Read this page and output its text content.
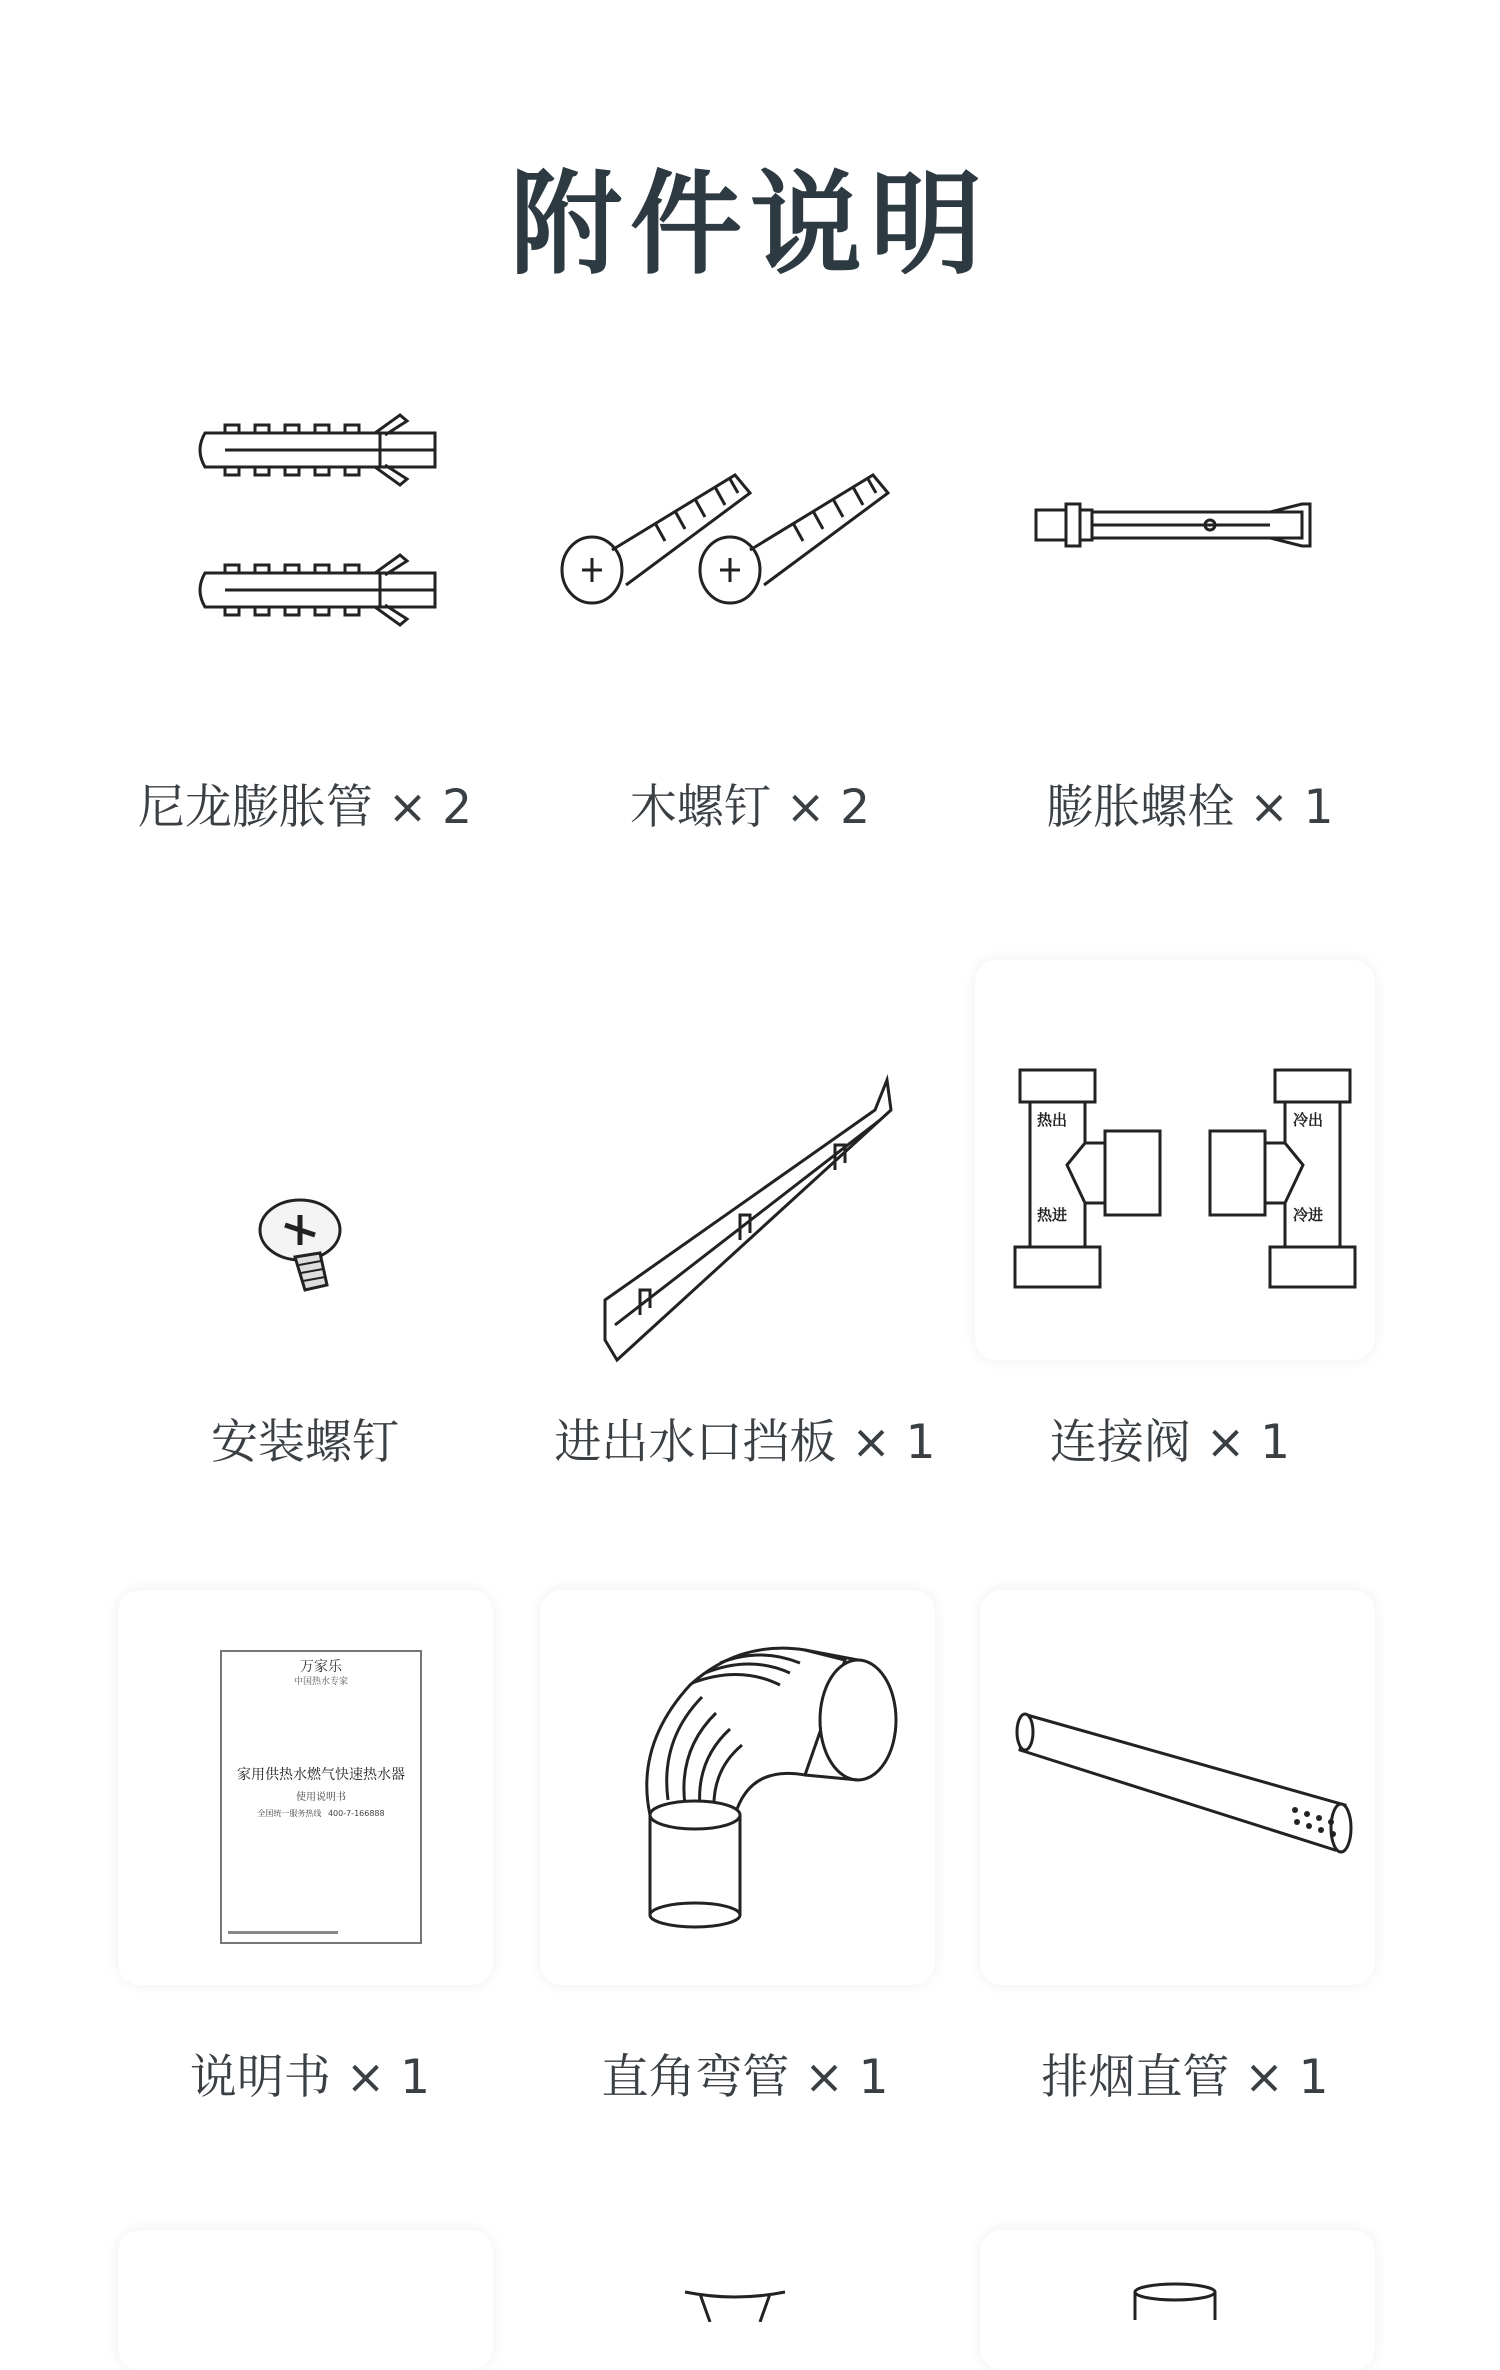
附件说明
尼龙膨胀管 × 2	木螺钉 × 2	膨胀螺栓 × 1
热出
热进
冷出
冷进
安装螺钉	进出水口挡板 × 1	连接阀 × 1
万家乐
中国热水专家
家用供热水燃气快速热水器
使用说明书
全国统一服务热线 400-7-166888
说明书 × 1	直角弯管 × 1	排烟直管 × 1
